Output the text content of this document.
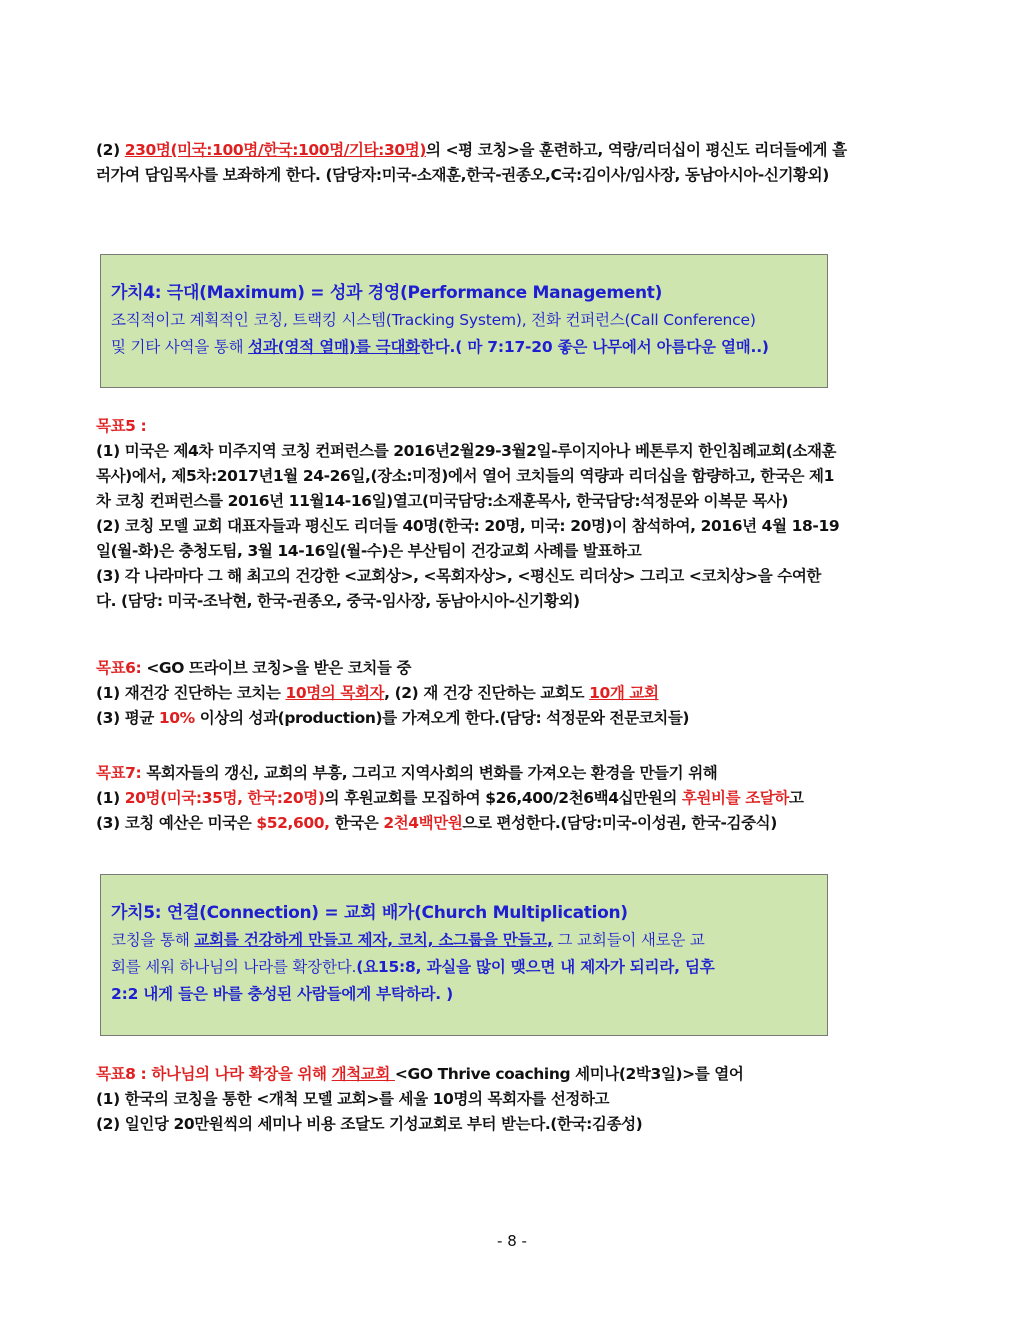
(2) 230명(미국:100명/한국:100명/기타:30명)의 <평 코칭>을 훈련하고, 역량/리더십이 평신도 리더들에게 흘
러가여 담임목사를 보좌하게 한다. (담당자:미국-소재훈,한국-권종오,C국:김이사/임사장, 동남아시아-신기황외)
가치4: 극대(Maximum) = 성과 경영(Performance Management)
조직적이고 계획적인 코칭, 트랙킹 시스템(Tracking System), 전화 컨퍼런스(Call Conference)
및 기타 사역을 통해 성과(영적 열매)를 극대화한다.( 마 7:17-20 좋은 나무에서 아름다운 열매..)
목표5 :
(1) 미국은 제4차 미주지역 코칭 컨퍼런스를 2016년2월29-3월2일-루이지아나 베톤루지 한인침례교회(소재훈
목사)에서, 제5차:2017년1월 24-26일,(장소:미정)에서 열어 코치들의 역량과 리더십을 함량하고, 한국은 제1
차 코칭 컨퍼런스를 2016년 11월14-16일)열고(미국담당:소재훈목사, 한국담당:석정문와 이복문 목사)
(2) 코칭 모델 교회 대표자들과 평신도 리더들 40명(한국: 20명, 미국: 20명)이 참석하여, 2016년 4월 18-19
일(월-화)은 충청도팀, 3월 14-16일(월-수)은 부산팀이 건강교회 사례를 발표하고
(3) 각 나라마다 그 해 최고의 건강한 <교회상>, <목회자상>, <평신도 리더상> 그리고 <코치상>을 수여한
다. (담당: 미국-조낙현, 한국-권종오, 중국-임사장, 동남아시아-신기황외)
목표6: <GO 뜨라이브 코칭>을 받은 코치들 중
(1) 재건강 진단하는 코치는 10명의 목회자, (2) 재 건강 진단하는 교회도 10개 교회
(3) 평균 10% 이상의 성과(production)를 가져오게 한다.(담당: 석정문와 전문코치들)
목표7: 목회자들의 갱신, 교회의 부흥, 그리고 지역사회의 변화를 가져오는 환경을 만들기 위해
(1) 20명(미국:35명, 한국:20명)의 후원교회를 모집하여 $26,400/2천6백4십만원의 후원비를 조달하고
(3) 코칭 예산은 미국은 $52,600, 한국은 2천4백만원으로 편성한다.(담당:미국-이성권, 한국-김중식)
가치5: 연결(Connection) = 교회 배가(Church Multiplication)
코칭을 통해 교회를 건강하게 만들고 제자, 코치, 소그룹을 만들고, 그 교회들이 새로운 교
회를 세워 하나님의 나라를 확장한다.(요15:8, 과실을 많이 맺으면 내 제자가 되리라, 딤후
2:2 내게 들은 바를 충성된 사람들에게 부탁하라. )
목표8 : 하나님의 나라 확장을 위해 개척교회 <GO Thrive coaching 세미나(2박3일)>를 열어
(1) 한국의 코칭을 통한 <개척 모델 교회>를 세울 10명의 목회자를 선정하고
(2) 일인당 20만원씩의 세미나 비용 조달도 기성교회로 부터 받는다.(한국:김종성)
- 8 -
